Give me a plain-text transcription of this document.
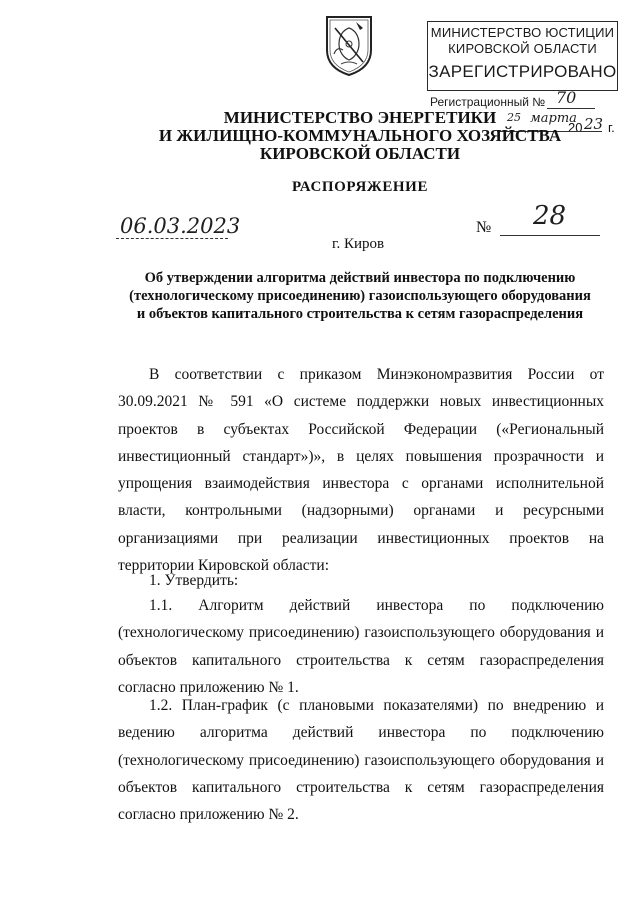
МИНИСТЕРСТВО ЮСТИЦИИ
КИРОВСКОЙ ОБЛАСТИ
ЗАРЕГИСТРИРОВАНО
Регистрационный № 70
25 марта
20 23 г.
МИНИСТЕРСТВО ЭНЕРГЕТИКИ
И ЖИЛИЩНО-КОММУНАЛЬНОГО ХОЗЯЙСТВА
КИРОВСКОЙ ОБЛАСТИ
РАСПОРЯЖЕНИЕ
06.03.2023	№ 28
г. Киров
Об утверждении алгоритма действий инвестора по подключению
(технологическому присоединению) газоиспользующего оборудования
и объектов капитального строительства к сетям газораспределения
В соответствии с приказом Минэкономразвития России от 30.09.2021 № 591 «О системе поддержки новых инвестиционных проектов в субъектах Российской Федерации («Региональный инвестиционный стандарт»)», в целях повышения прозрачности и упрощения взаимодействия инвестора с органами исполнительной власти, контрольными (надзорными) органами и ресурсными организациями при реализации инвестиционных проектов на территории Кировской области:
1. Утвердить:
1.1. Алгоритм действий инвестора по подключению (технологическому присоединению) газоиспользующего оборудования и объектов капитального строительства к сетям газораспределения согласно приложению № 1.
1.2. План-график (с плановыми показателями) по внедрению и ведению алгоритма действий инвестора по подключению (технологическому присоединению) газоиспользующего оборудования и объектов капитального строительства к сетям газораспределения согласно приложению № 2.
